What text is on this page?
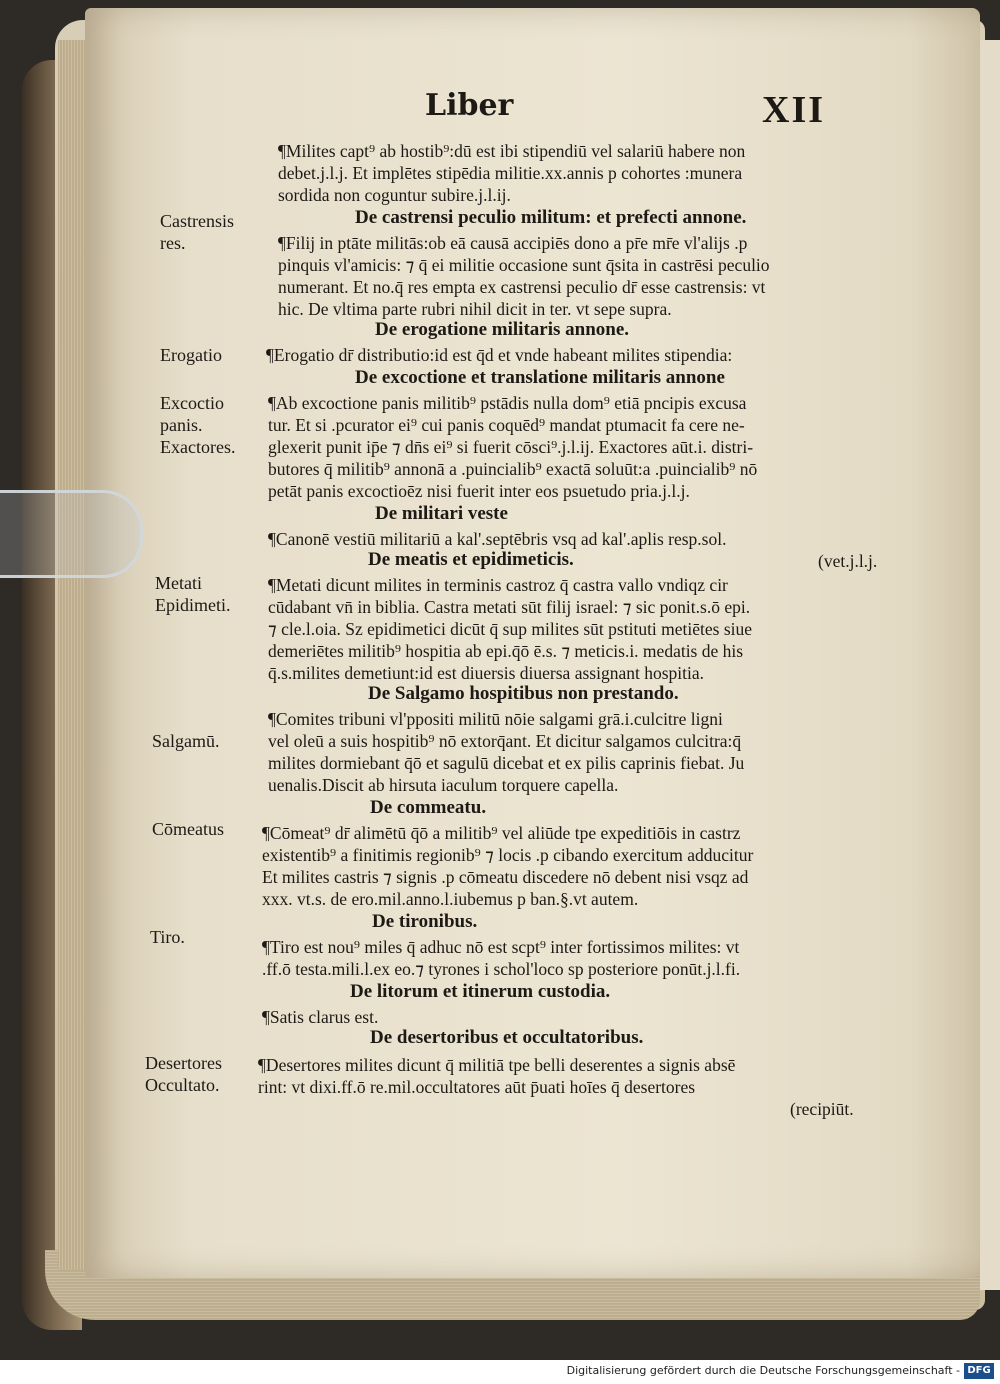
Liber	XII
¶Milites capt⁹ ab hostib⁹:dū est ibi stipendiū vel salariū habere non
debet.j.l.j. Et implētes stipēdia militie.xx.annis p cohortes :munera
sordida non coguntur subire.j.l.ij.
De castrensi peculio militum: et prefecti annone.
Castrensis
res.	¶Filij in ptāte militās:ob eā causā accipiēs dono a pr̄e mr̄e vl'alijs .p
pinquis vl'amicis: ⁊ q̄ ei militie occasione sunt q̄sita in castrēsi peculio
numerant. Et no.q̄ res empta ex castrensi peculio dr̄ esse castrensis: vt
hic. De vltima parte rubri nihil dicit in ter. vt sepe supra.
De erogatione militaris annone.
Erogatio	¶Erogatio dr̄ distributio:id est q̄d et vnde habeant milites stipendia:
De excoctione et translatione militaris annone
Excoctio
panis.
Exactores.
¶Ab excoctione panis militib⁹ pstādis nulla dom⁹ etiā pncipis excusa
tur. Et si .pcurator ei⁹ cui panis coquēd⁹ mandat ptumacit fa cere ne-
glexerit punit ip̄e ⁊ dn̄s ei⁹ si fuerit cōsci⁹.j.l.ij. Exactores aūt.i. distri-
butores q̄ militib⁹ annonā a .puincialib⁹ exactā soluūt:a .puincialib⁹ nō
petāt panis excoctioēz nisi fuerit inter eos psuetudo pria.j.l.j.
De militari veste
¶Canonē vestiū militariū a kal'.septēbris vsq ad kal'.aplis resp.sol.
De meatis et epidimeticis.	(vet.j.l.j.
Metati
Epidimeti.
¶Metati dicunt milites in terminis castroz q̄ castra vallo vndiqz cir
cūdabant vn̄ in biblia. Castra metati sūt filij israel: ⁊ sic ponit.s.ō epi.
⁊ cle.l.oia. Sz epidimetici dicūt q̄ sup milites sūt pstituti metiētes siue
demeriētes militib⁹ hospitia ab epi.q̄ō ē.s. ⁊ meticis.i. medatis de his
q̄.s.milites demetiunt:id est diuersis diuersa assignant hospitia.
De Salgamo hospitibus non prestando.
¶Comites tribuni vl'ppositi militū nōie salgami grā.i.culcitre ligni
Salgamū.	vel oleū a suis hospitib⁹ nō extorq̄ant. Et dicitur salgamos culcitra:q̄
milites dormiebant q̄ō et sagulū dicebat et ex pilis caprinis fiebat. Ju
uenalis.Discit ab hirsuta iaculum torquere capella.
De commeatu.
Cōmeatus ¶Cōmeat⁹ dr̄ alimētū q̄ō a militib⁹ vel aliūde tpe expeditiōis in castrz
existentib⁹ a finitimis regionib⁹ ⁊ locis .p cibando exercitum adducitur
Et milites castris ⁊ signis .p cōmeatu discedere nō debent nisi vsqz ad
xxx. vt.s. de ero.mil.anno.l.iubemus p ban.§.vt autem.
De tironibus.
Tiro.	¶Tiro est nou⁹ miles q̄ adhuc nō est scpt⁹ inter fortissimos milites: vt
.ff.ō testa.mili.l.ex eo.⁊ tyrones i schol'loco sp posteriore ponūt.j.l.fi.
De litorum et itinerum custodia.
¶Satis clarus est.
De desertoribus et occultatoribus.
Desertores
Occultato.
¶Desertores milites dicunt q̄ militiā tpe belli deserentes a signis absē
rint: vt dixi.ff.ō re.mil.occultatores aūt p̄uati hoīes q̄ desertores
(recipiūt.
Digitalisierung gefördert durch die Deutsche Forschungsgemeinschaft - DFG
